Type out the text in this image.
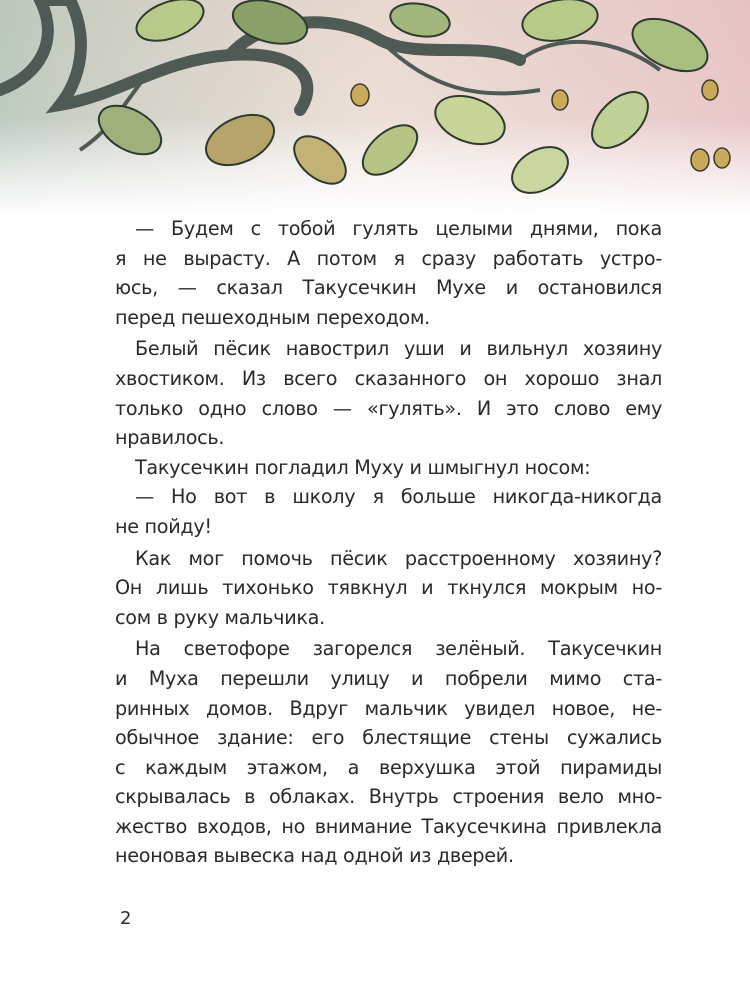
— Будем с тобой гулять целыми днями, пока
я не вырасту. А потом я сразу работать устро-
юсь, — сказал Такусечкин Мухе и остановился
перед пешеходным переходом.
Белый пёсик навострил уши и вильнул хозяину
хвостиком. Из всего сказанного он хорошо знал
только одно слово — «гулять». И это слово ему
нравилось.
Такусечкин погладил Муху и шмыгнул носом:
— Но вот в школу я больше никогда-никогда
не пойду!
Как мог помочь пёсик расстроенному хозяину?
Он лишь тихонько тявкнул и ткнулся мокрым но-
сом в руку мальчика.
На светофоре загорелся зелёный. Такусечкин
и Муха перешли улицу и побрели мимо ста-
ринных домов. Вдруг мальчик увидел новое, не-
обычное здание: его блестящие стены сужались
с каждым этажом, а верхушка этой пирамиды
скрывалась в облаках. Внутрь строения вело мно-
жество входов, но внимание Такусечкина привлекла
неоновая вывеска над одной из дверей.
2
